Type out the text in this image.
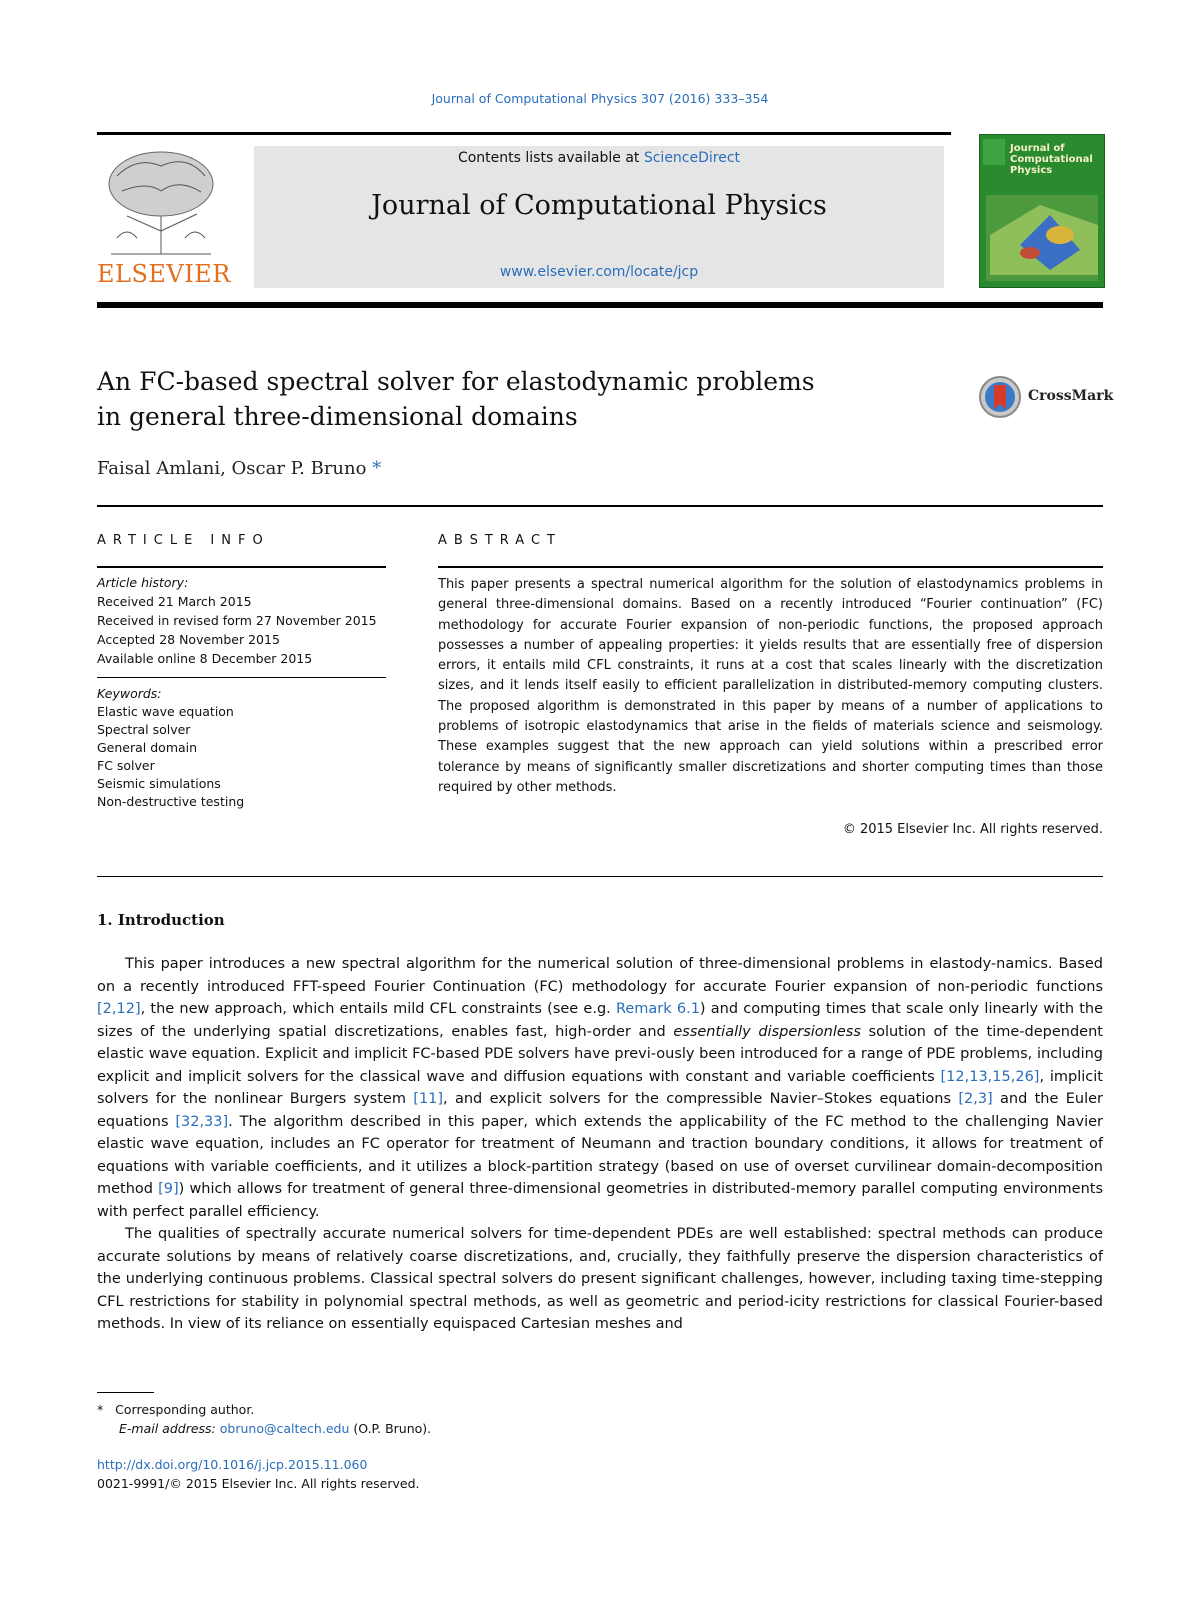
Journal of Computational Physics 307 (2016) 333–354
ELSEVIER
Contents lists available at ScienceDirect
Journal of Computational Physics
www.elsevier.com/locate/jcp
Journal of Computational Physics
An FC-based spectral solver for elastodynamic problems
in general three-dimensional domains
CrossMark
Faisal Amlani, Oscar P. Bruno *
ARTICLE INFO	ABSTRACT
Article history:
Received 21 March 2015
Received in revised form 27 November 2015
Accepted 28 November 2015
Available online 8 December 2015
Keywords:
Elastic wave equation
Spectral solver
General domain
FC solver
Seismic simulations
Non-destructive testing
This paper presents a spectral numerical algorithm for the solution of elastodynamics problems in general three-dimensional domains. Based on a recently introduced “Fourier continuation” (FC) methodology for accurate Fourier expansion of non-periodic functions, the proposed approach possesses a number of appealing properties: it yields results that are essentially free of dispersion errors, it entails mild CFL constraints, it runs at a cost that scales linearly with the discretization sizes, and it lends itself easily to efficient parallelization in distributed-memory computing clusters. The proposed algorithm is demonstrated in this paper by means of a number of applications to problems of isotropic elastodynamics that arise in the fields of materials science and seismology. These examples suggest that the new approach can yield solutions within a prescribed error tolerance by means of significantly smaller discretizations and shorter computing times than those required by other methods.
© 2015 Elsevier Inc. All rights reserved.
1. Introduction

This paper introduces a new spectral algorithm for the numerical solution of three-dimensional problems in elastody-namics. Based on a recently introduced FFT-speed Fourier Continuation (FC) methodology for accurate Fourier expansion of non-periodic functions [2,12], the new approach, which entails mild CFL constraints (see e.g. Remark 6.1) and computing times that scale only linearly with the sizes of the underlying spatial discretizations, enables fast, high-order and essentially dispersionless solution of the time-dependent elastic wave equation. Explicit and implicit FC-based PDE solvers have previ-ously been introduced for a range of PDE problems, including explicit and implicit solvers for the classical wave and diffusion equations with constant and variable coefficients [12,13,15,26], implicit solvers for the nonlinear Burgers system [11], and explicit solvers for the compressible Navier–Stokes equations [2,3] and the Euler equations [32,33]. The algorithm described in this paper, which extends the applicability of the FC method to the challenging Navier elastic wave equation, includes an FC operator for treatment of Neumann and traction boundary conditions, it allows for treatment of equations with variable coefficients, and it utilizes a block-partition strategy (based on use of overset curvilinear domain-decomposition method [9]) which allows for treatment of general three-dimensional geometries in distributed-memory parallel computing environments with perfect parallel efficiency.

The qualities of spectrally accurate numerical solvers for time-dependent PDEs are well established: spectral methods can produce accurate solutions by means of relatively coarse discretizations, and, crucially, they faithfully preserve the dispersion characteristics of the underlying continuous problems. Classical spectral solvers do present significant challenges, however, including taxing time-stepping CFL restrictions for stability in polynomial spectral methods, as well as geometric and period-icity restrictions for classical Fourier-based methods. In view of its reliance on essentially equispaced Cartesian meshes and

* Corresponding author.
E-mail address: obruno@caltech.edu (O.P. Bruno).
http://dx.doi.org/10.1016/j.jcp.2015.11.060
0021-9991/© 2015 Elsevier Inc. All rights reserved.
